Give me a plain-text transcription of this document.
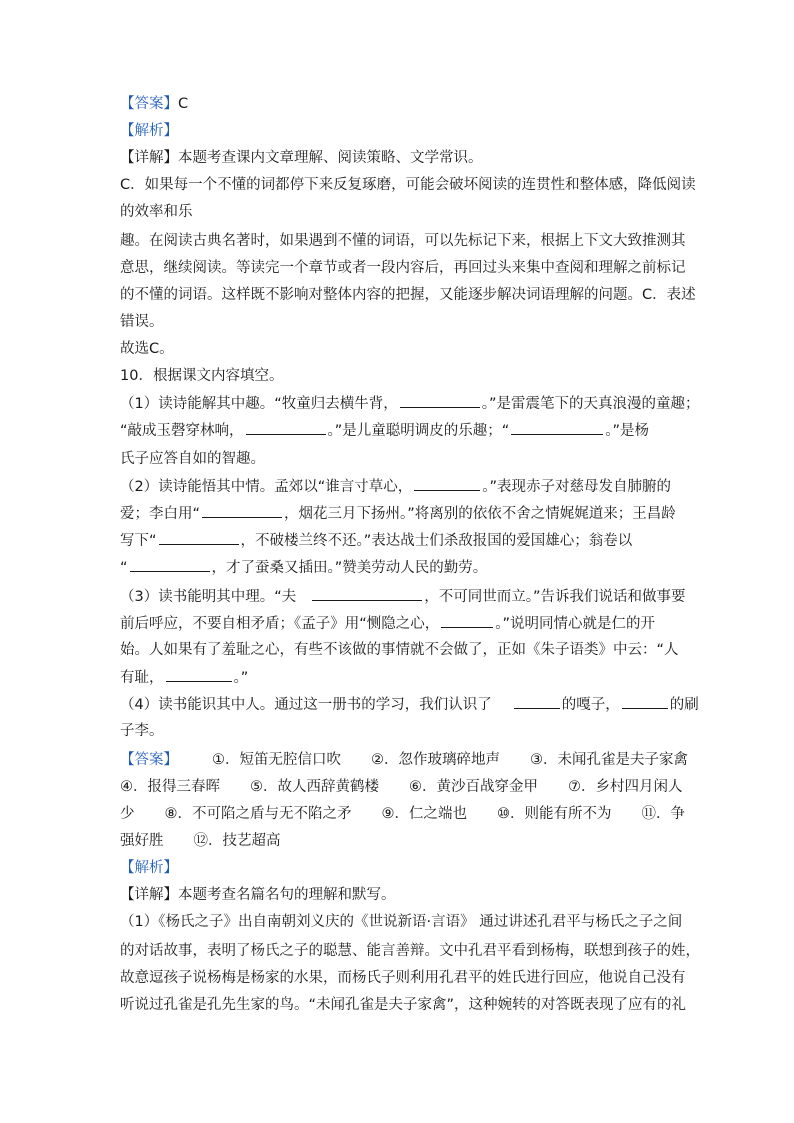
【答案】C
【解析】
【详解】本题考查课内文章理解、阅读策略、文学常识。
C．如果每一个不懂的词都停下来反复琢磨，可能会破坏阅读的连贯性和整体感，降低阅读
的效率和乐
趣。在阅读古典名著时，如果遇到不懂的词语，可以先标记下来，根据上下文大致推测其
意思，继续阅读。等读完一个章节或者一段内容后，再回过头来集中查阅和理解之前标记
的不懂的词语。这样既不影响对整体内容的把握，又能逐步解决词语理解的问题。C．表述
错误。
故选C。
10．根据课文内容填空。
（1）读诗能解其中趣。“牧童归去横牛背，	。”是雷震笔下的天真浪漫的童趣；
“敲成玉磬穿林响，	。”是儿童聪明调皮的乐趣；“	。”是杨
氏子应答自如的智趣。
（2）读诗能悟其中情。孟郊以“谁言寸草心，	。”表现赤子对慈母发自肺腑的
爱；李白用“	，烟花三月下扬州。”将离别的依依不舍之情娓娓道来；王昌龄
写下“	，不破楼兰终不还。”表达战士们杀敌报国的爱国雄心；翁卷以
“	，才了蚕桑又插田。”赞美劳动人民的勤劳。
（3）读书能明其中理。“夫	，不可同世而立。”告诉我们说话和做事要
前后呼应，不要自相矛盾；《孟子》用“恻隐之心，	。”说明同情心就是仁的开
始。人如果有了羞耻之心，有些不该做的事情就不会做了，正如《朱子语类》中云：“人
有耻，	。”
（4）读书能识其中人。通过这一册书的学习，我们认识了	的嘎子，	的刷
子李。
【答案】 ①．短笛无腔信口吹 ②．忽作玻璃碎地声 ③．未闻孔雀是夫子家禽
④．报得三春晖 ⑤．故人西辞黄鹤楼 ⑥．黄沙百战穿金甲 ⑦．乡村四月闲人
少 ⑧．不可陷之盾与无不陷之矛 ⑨．仁之端也 ⑩．则能有所不为 ⑪．争
强好胜 ⑫．技艺超高
【解析】
【详解】本题考查名篇名句的理解和默写。
（1）《杨氏之子》出自南朝刘义庆的《世说新语·言语》 通过讲述孔君平与杨氏之子之间
的对话故事，表明了杨氏之子的聪慧、能言善辩。文中孔君平看到杨梅，联想到孩子的姓，
故意逗孩子说杨梅是杨家的水果，而杨氏子则利用孔君平的姓氏进行回应，他说自己没有
听说过孔雀是孔先生家的鸟。“未闻孔雀是夫子家禽”，这种婉转的对答既表现了应有的礼
